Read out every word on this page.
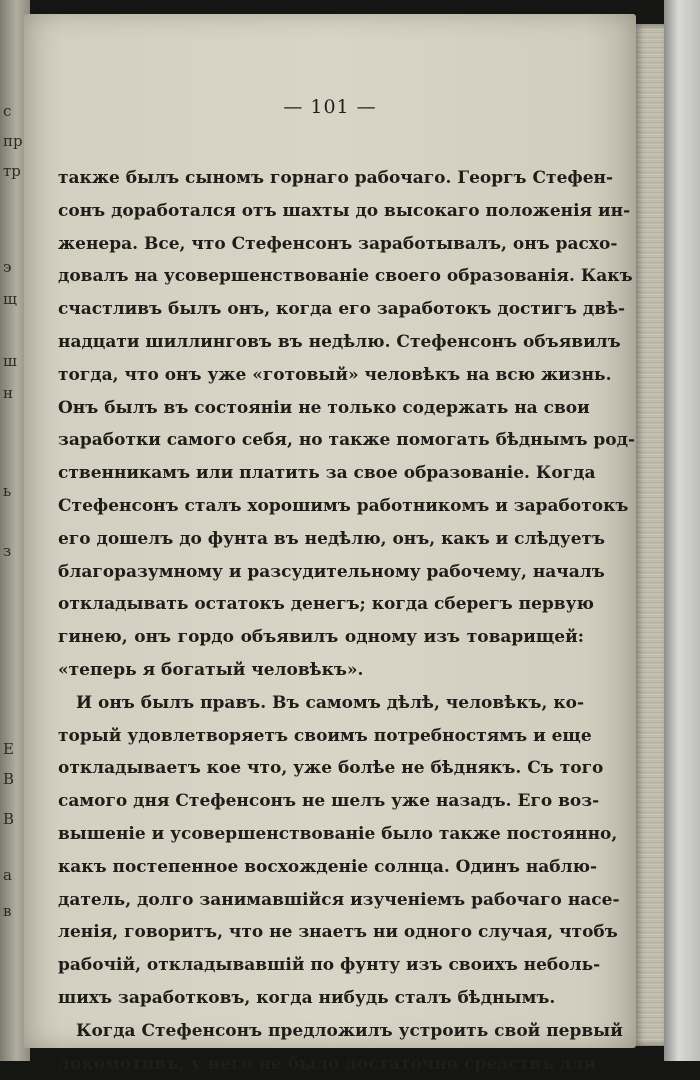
с
пр
тр
э
щ
ш
н
ь
з
Е
В
В
а
в
— 101 —
также былъ сыномъ горнаго рабочаго. Георгъ Стефен-
сонъ доработался отъ шахты до высокаго положенія ин-
женера. Все, что Стефенсонъ заработывалъ, онъ расхо-
довалъ на усовершенствованіе своего образованія. Какъ
счастливъ былъ онъ, когда его заработокъ достигъ двѣ-
надцати шиллинговъ въ недѣлю. Стефенсонъ объявилъ
тогда, что онъ уже «готовый» человѣкъ на всю жизнь.
Онъ былъ въ состояніи не только содержать на свои
заработки самого себя, но также помогать бѣднымъ род-
ственникамъ или платить за свое образованіе. Когда
Стефенсонъ сталъ хорошимъ работникомъ и заработокъ
его дошелъ до фунта въ недѣлю, онъ, какъ и слѣдуетъ
благоразумному и разсудительному рабочему, началъ
откладывать остатокъ денегъ; когда сберегъ первую
гинею, онъ гордо объявилъ одному изъ товарищей:
«теперь я богатый человѣкъ».
И онъ былъ правъ. Въ самомъ дѣлѣ, человѣкъ, ко-
торый удовлетворяетъ своимъ потребностямъ и еще
откладываетъ кое что, уже болѣе не бѣднякъ. Съ того
самого дня Стефенсонъ не шелъ уже назадъ. Его воз-
вышеніе и усовершенствованіе было также постоянно,
какъ постепенное восхожденіе солнца. Одинъ наблю-
датель, долго занимавшійся изученіемъ рабочаго насе-
ленія, говоритъ, что не знаетъ ни одного случая, чтобъ
рабочій, откладывавшій по фунту изъ своихъ неболь-
шихъ заработковъ, когда нибудь сталъ бѣднымъ.
Когда Стефенсонъ предложилъ устроить свой первый
локомотивъ, у него не было достаточно средствъ для
